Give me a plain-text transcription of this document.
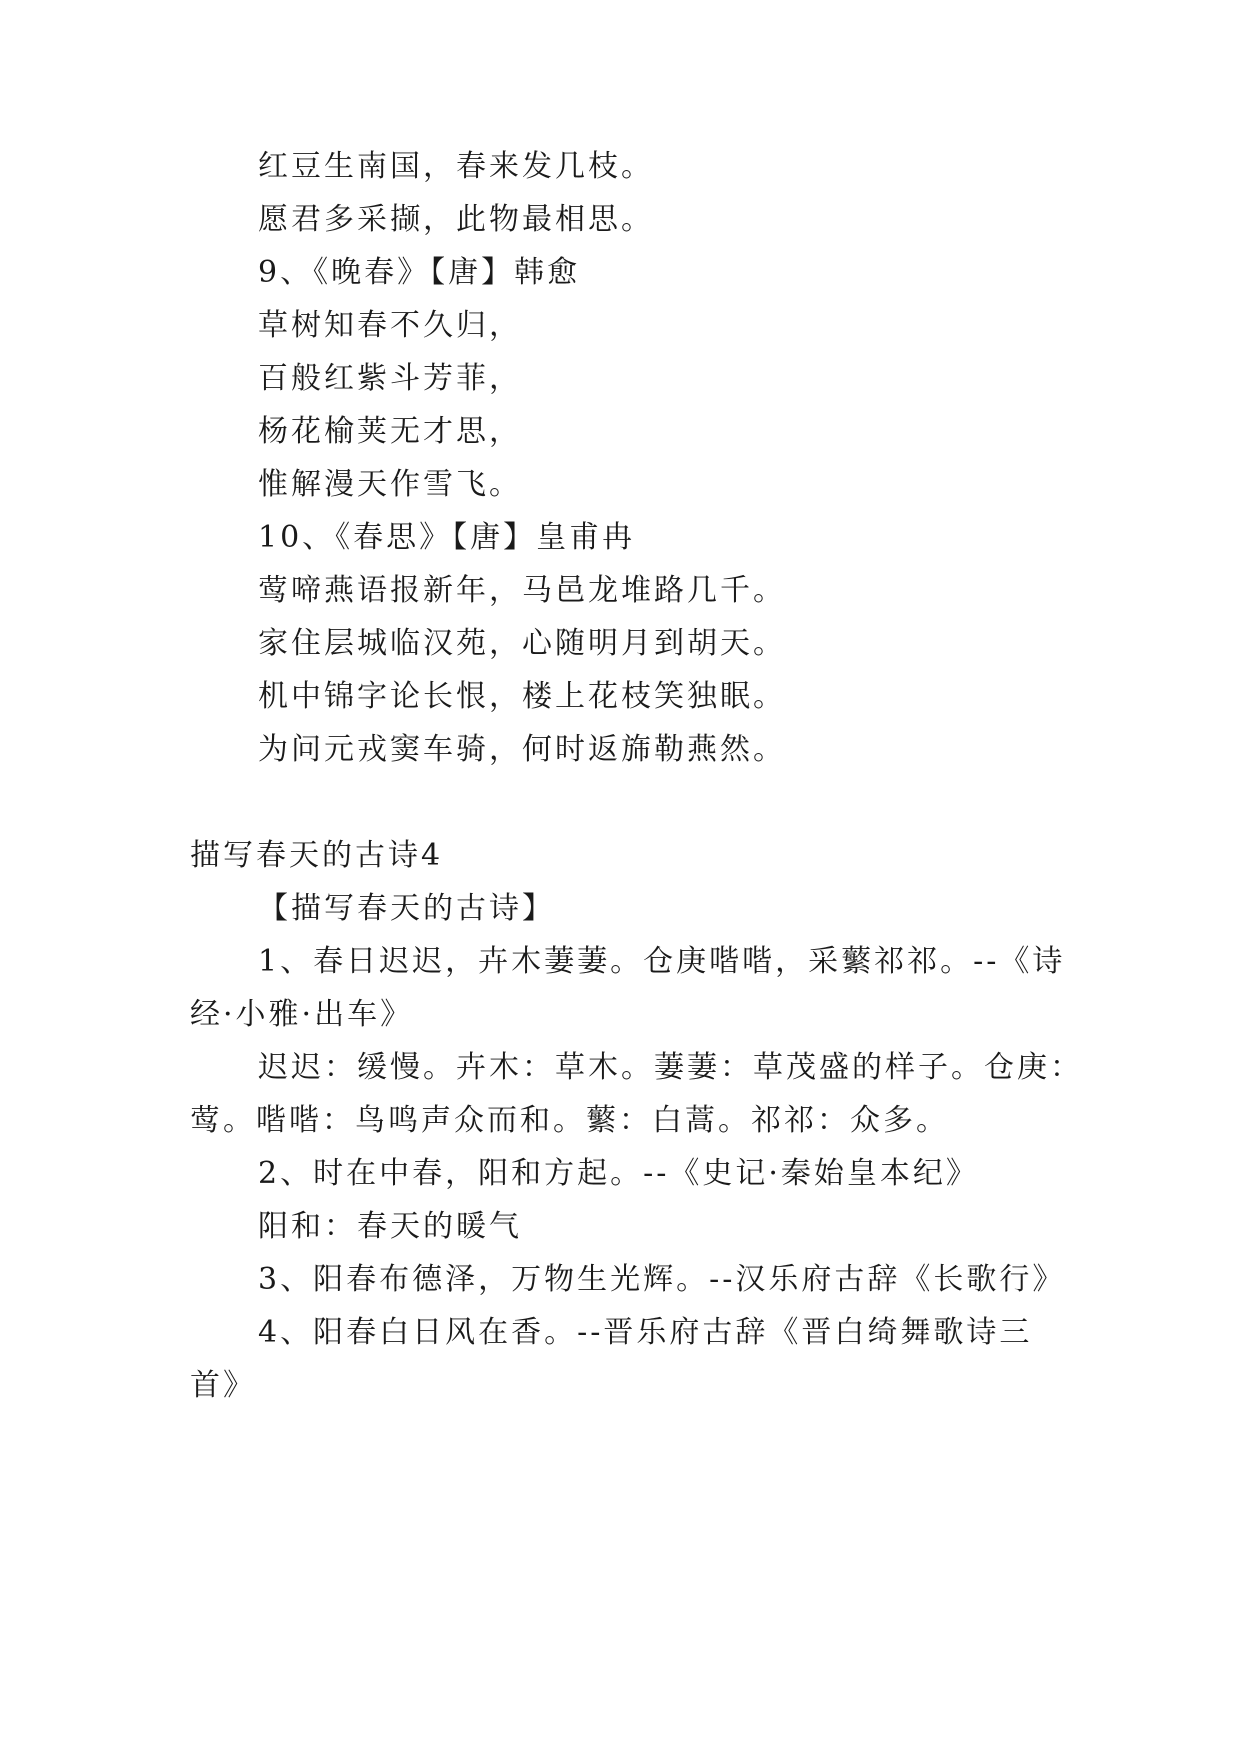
红豆生南国，春来发几枝。
愿君多采撷，此物最相思。
9、《晚春》【唐】韩愈
草树知春不久归，
百般红紫斗芳菲，
杨花榆荚无才思，
惟解漫天作雪飞。
10、《春思》【唐】皇甫冉
莺啼燕语报新年，马邑龙堆路几千。
家住层城临汉苑，心随明月到胡天。
机中锦字论长恨，楼上花枝笑独眠。
为问元戎窦车骑，何时返旆勒燕然。
描写春天的古诗4
【描写春天的古诗】
1、春日迟迟，卉木萋萋。仓庚喈喈，采蘩祁祁。--《诗
经·小雅·出车》
迟迟：缓慢。卉木：草木。萋萋：草茂盛的样子。仓庚：
莺。喈喈：鸟鸣声众而和。蘩：白蒿。祁祁：众多。
2、时在中春，阳和方起。--《史记·秦始皇本纪》
阳和：春天的暖气
3、阳春布德泽，万物生光辉。--汉乐府古辞《长歌行》
4、阳春白日风在香。--晋乐府古辞《晋白绮舞歌诗三
首》
